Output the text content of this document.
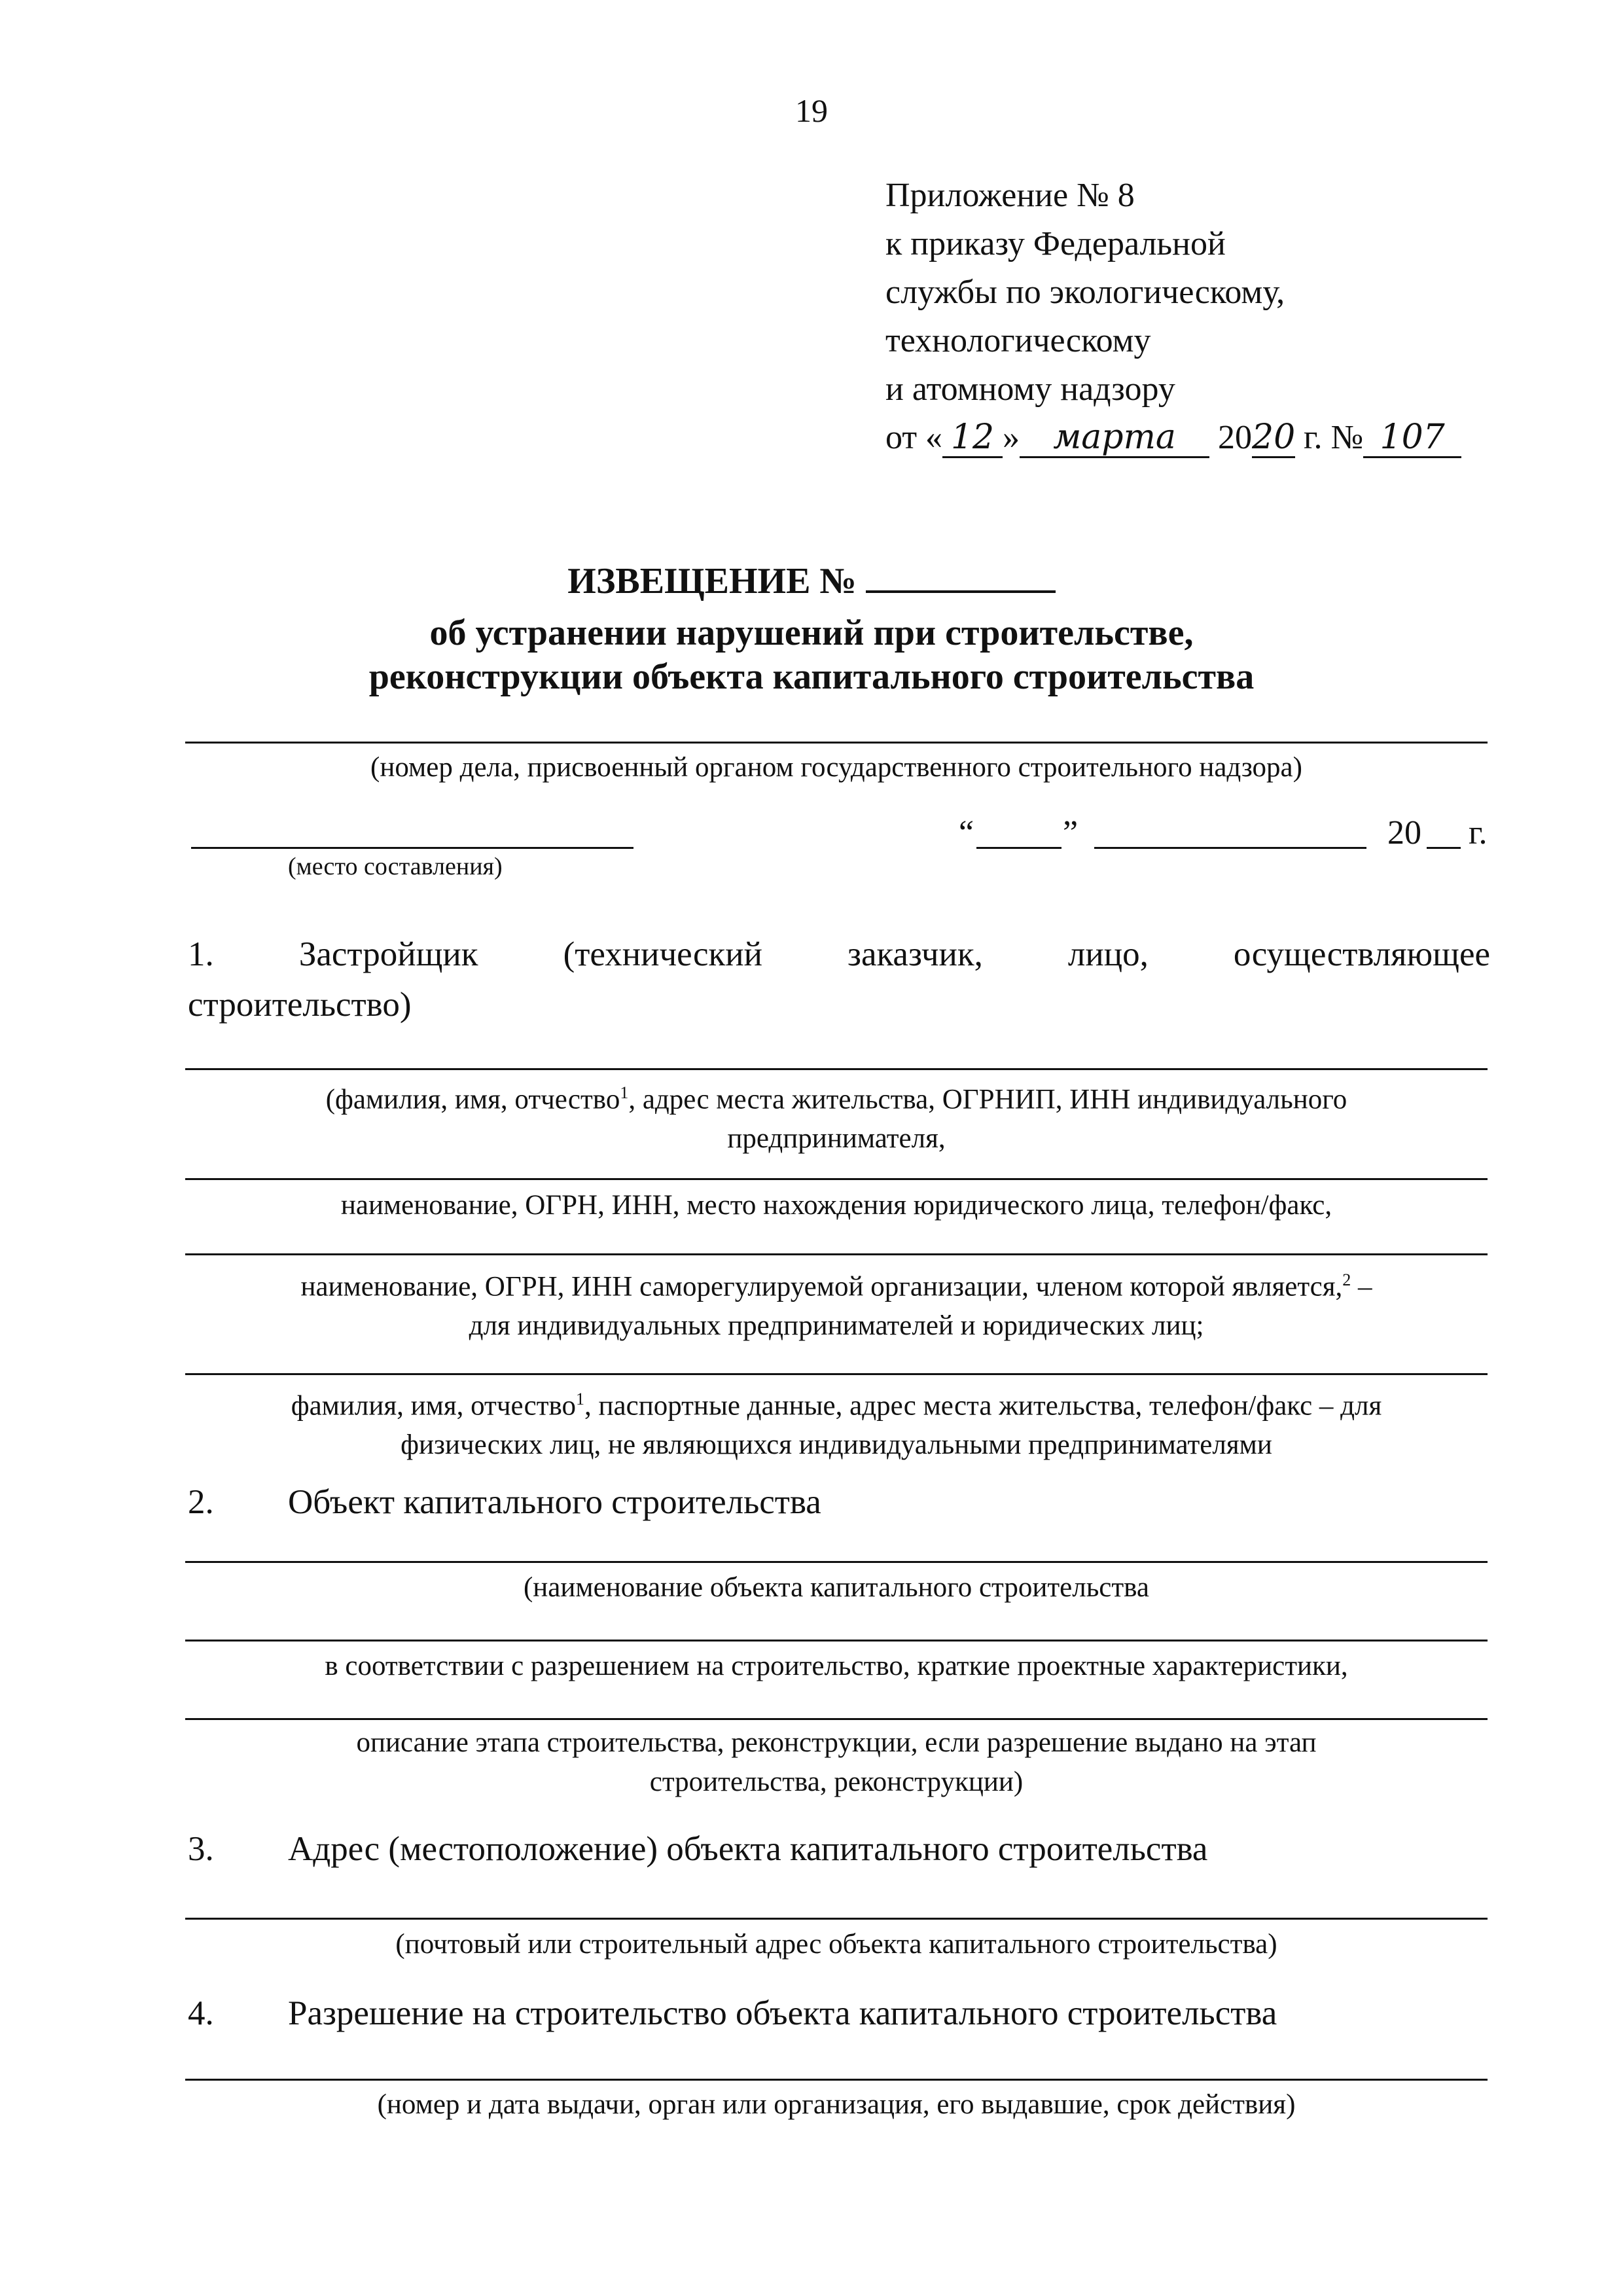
19
Приложение № 8
к приказу Федеральной
службы по экологическому,
технологическому
и атомному надзору
от « 12 » марта 2020 г. № 107
ИЗВЕЩЕНИЕ №
об устранении нарушений при строительстве,
реконструкции объекта капитального строительства
(номер дела, присвоенный органом государственного строительного надзора)
(место составления)
“	”	20 г.
1. Застройщик (технический заказчик, лицо, осуществляющее
строительство)
(фамилия, имя, отчество$^1$, адрес места жительства, ОГРНИП, ИНН индивидуального
предпринимателя,
наименование, ОГРН, ИНН, место нахождения юридического лица, телефон/факс,
наименование, ОГРН, ИНН саморегулируемой организации, членом которой является,$^2$ –
для индивидуальных предпринимателей и юридических лиц;
фамилия, имя, отчество$^1$, паспортные данные, адрес места жительства, телефон/факс – для
физических лиц, не являющихся индивидуальными предпринимателями
2. Объект капитального строительства
(наименование объекта капитального строительства
в соответствии с разрешением на строительство, краткие проектные характеристики,
описание этапа строительства, реконструкции, если разрешение выдано на этап
строительства, реконструкции)
3. Адрес (местоположение) объекта капитального строительства
(почтовый или строительный адрес объекта капитального строительства)
4. Разрешение на строительство объекта капитального строительства
(номер и дата выдачи, орган или организация, его выдавшие, срок действия)
